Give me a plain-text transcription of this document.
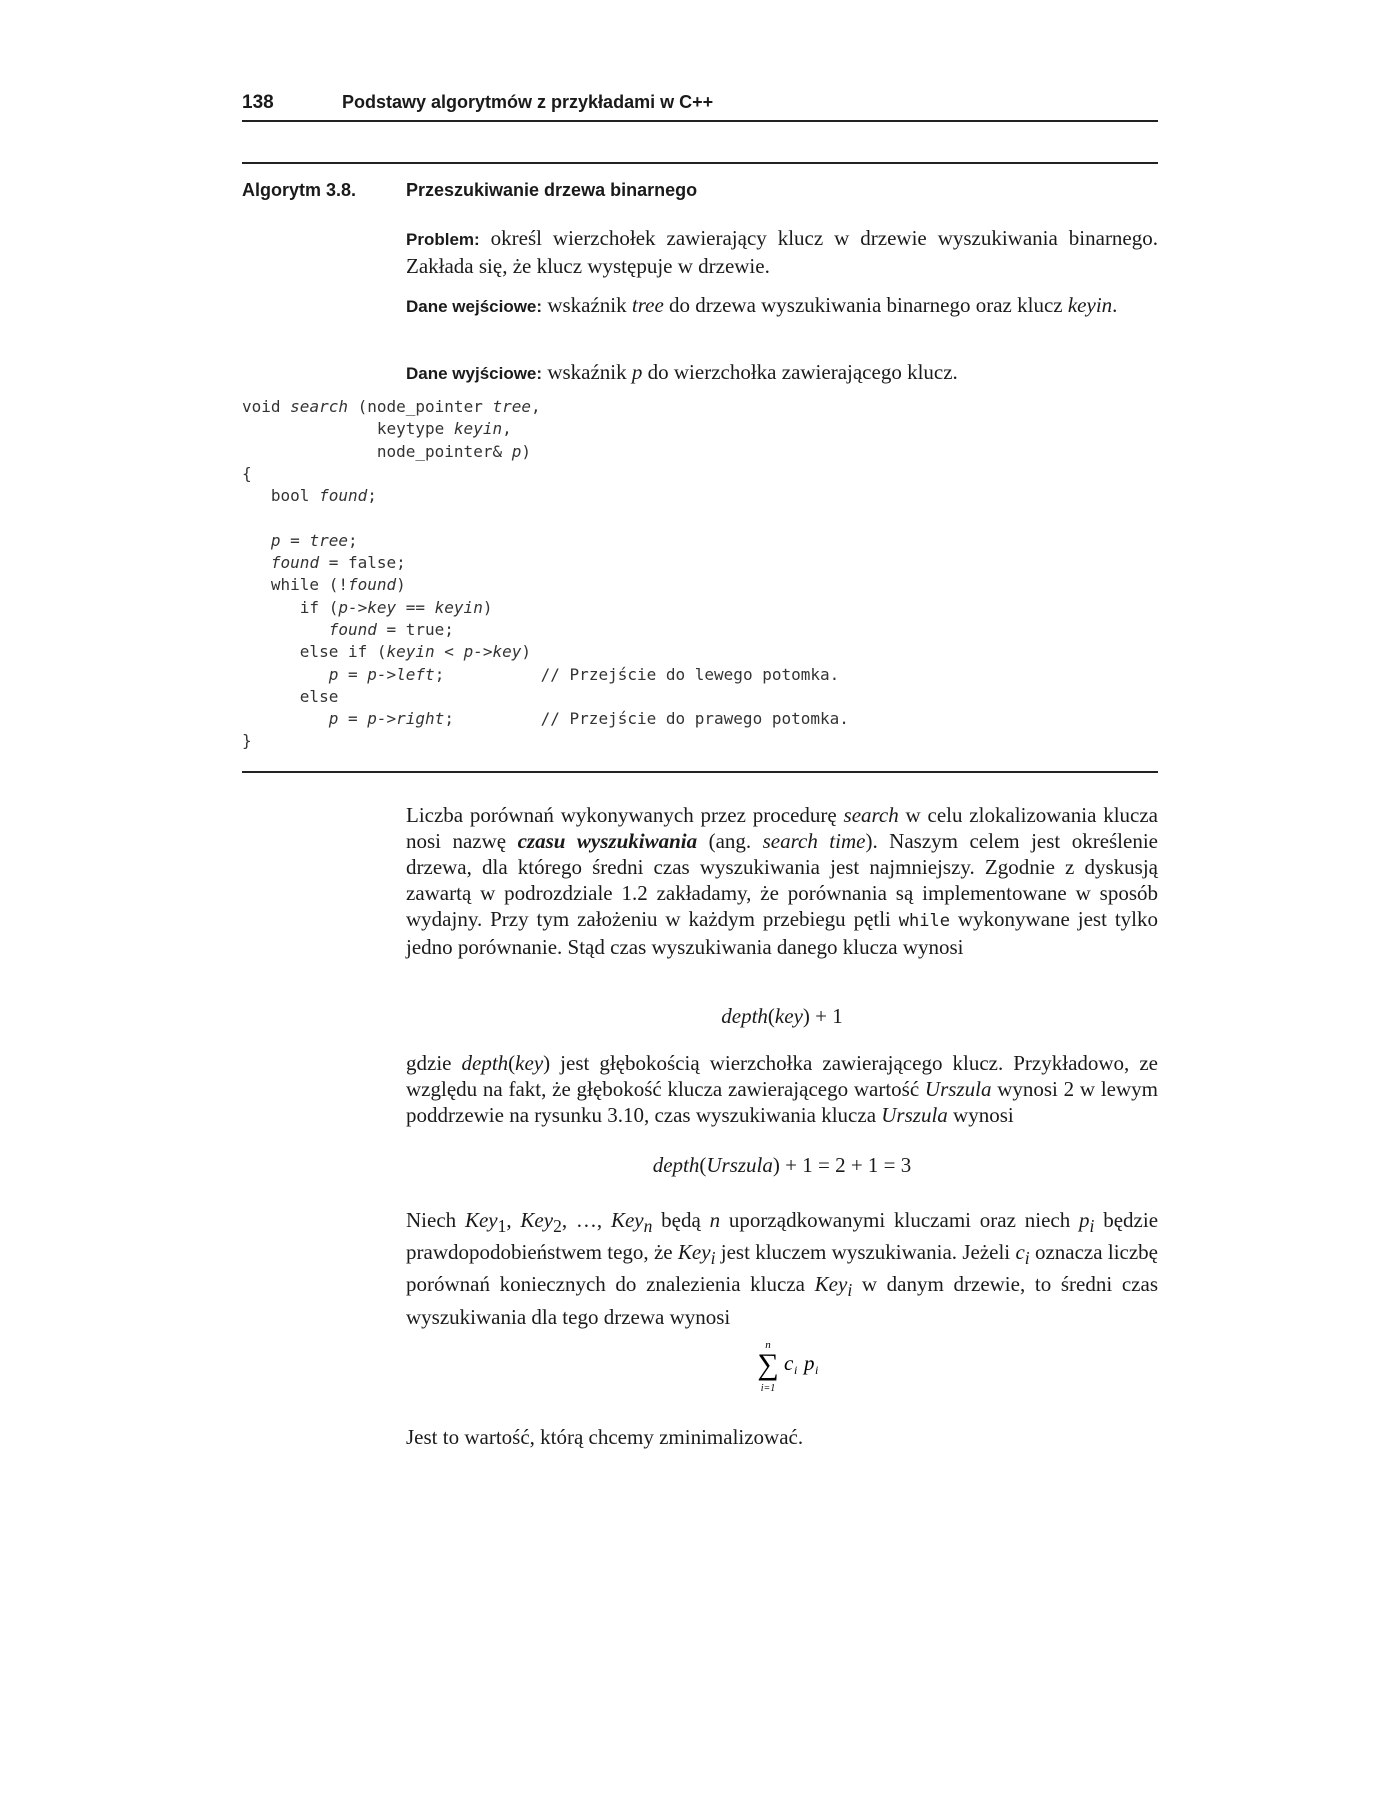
138	Podstawy algorytmów z przykładami w C++
Algorytm 3.8.	Przeszukiwanie drzewa binarnego
Problem: określ wierzchołek zawierający klucz w drzewie wyszukiwania binarnego. Zakłada się, że klucz występuje w drzewie.
Dane wejściowe: wskaźnik tree do drzewa wyszukiwania binarnego oraz klucz keyin.
Dane wyjściowe: wskaźnik p do wierzchołka zawierającego klucz.
void search (node_pointer tree,
keytype keyin,
node_pointer& p)
{
bool found;
p = tree;
found = false;
while (!found)
if (p->key == keyin)
found = true;
else if (keyin < p->key)
p = p->left;          // Przejście do lewego potomka.
else
p = p->right;         // Przejście do prawego potomka.
}
Liczba porównań wykonywanych przez procedurę search w celu zlokalizowania klucza nosi nazwę czasu wyszukiwania (ang. search time). Naszym celem jest określenie drzewa, dla którego średni czas wyszukiwania jest najmniejszy. Zgodnie z dyskusją zawartą w podrozdziale 1.2 zakładamy, że porównania są implementowane w sposób wydajny. Przy tym założeniu w każdym przebiegu pętli while wykonywane jest tylko jedno porównanie. Stąd czas wyszukiwania danego klucza wynosi
depth(key) + 1
gdzie depth(key) jest głębokością wierzchołka zawierającego klucz. Przykładowo, ze względu na fakt, że głębokość klucza zawierającego wartość Urszula wynosi 2 w lewym poddrzewie na rysunku 3.10, czas wyszukiwania klucza Urszula wynosi
depth(Urszula) + 1 = 2 + 1 = 3
Niech Key$_1$, Key$_2$, …, Key$_n$ będą n uporządkowanymi kluczami oraz niech $p_i$ będzie prawdopodobieństwem tego, że Key$_i$ jest kluczem wyszukiwania. Jeżeli $c_i$ oznacza liczbę porównań koniecznych do znalezienia klucza Key$_i$ w danym drzewie, to średni czas wyszukiwania dla tego drzewa wynosi
n
∑
i=1
c i p i
Jest to wartość, którą chcemy zminimalizować.
